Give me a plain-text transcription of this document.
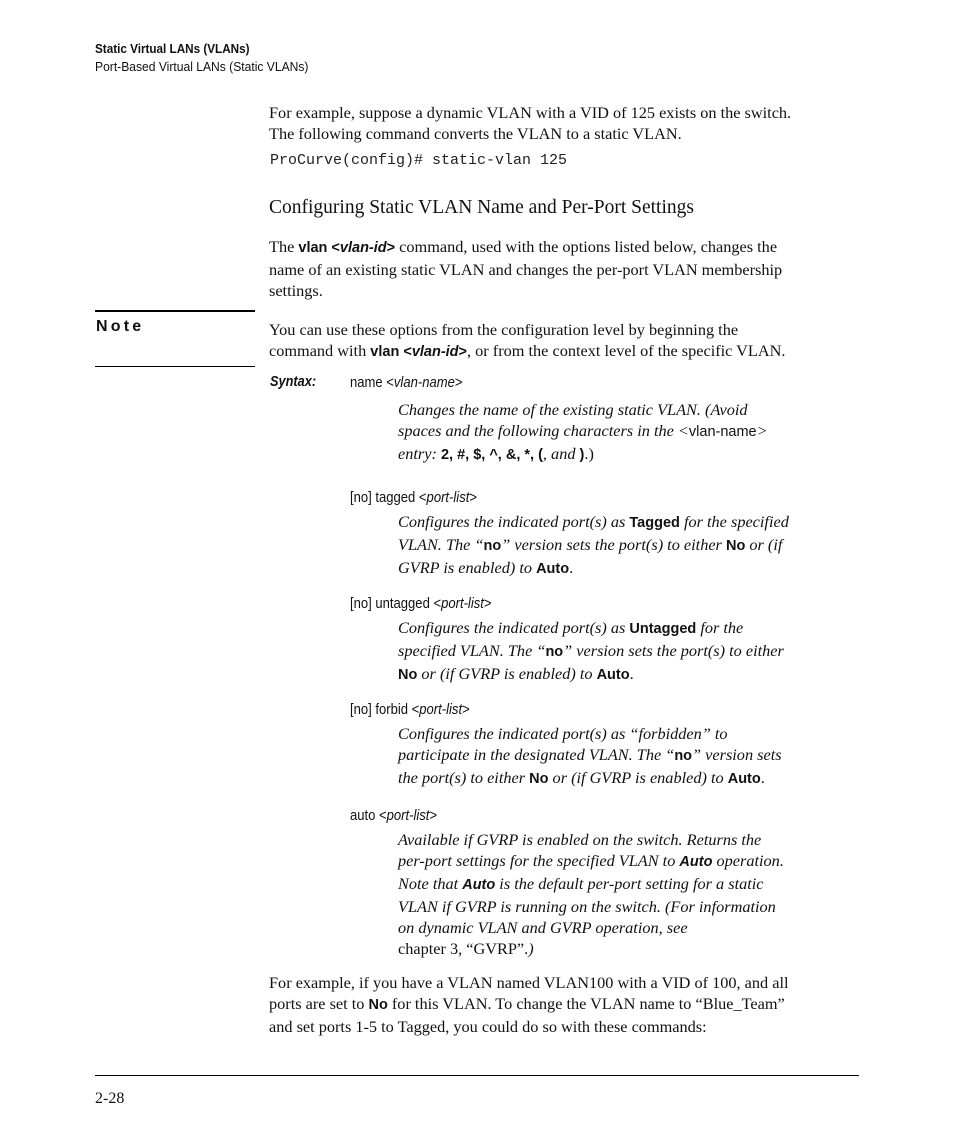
Static Virtual LANs (VLANs)
Port-Based Virtual LANs (Static VLANs)
For example, suppose a dynamic VLAN with a VID of 125 exists on the switch.
The following command converts the VLAN to a static VLAN.
ProCurve(config)# static-vlan 125
Configuring Static VLAN Name and Per-Port Settings
The vlan <vlan-id> command, used with the options listed below, changes the
name of an existing static VLAN and changes the per-port VLAN membership
settings.
Note	You can use these options from the configuration level by beginning the
command with vlan <vlan-id>, or from the context level of the specific VLAN.
Syntax: name <vlan-name>
Changes the name of the existing static VLAN. (Avoid
spaces and the following characters in the <vlan-name>
entry: 2, #, $, ^, &, *, (, and ).)
[no] tagged <port-list>
Configures the indicated port(s) as Tagged for the specified
VLAN. The “no” version sets the port(s) to either No or (if
GVRP is enabled) to Auto.
[no] untagged <port-list>
Configures the indicated port(s) as Untagged for the
specified VLAN. The “no” version sets the port(s) to either
No or (if GVRP is enabled) to Auto.
[no] forbid <port-list>
Configures the indicated port(s) as “forbidden” to
participate in the designated VLAN. The “no” version sets
the port(s) to either No or (if GVRP is enabled) to Auto.
auto <port-list>
Available if GVRP is enabled on the switch. Returns the
per-port settings for the specified VLAN to Auto operation.
Note that Auto is the default per-port setting for a static
VLAN if GVRP is running on the switch. (For information
on dynamic VLAN and GVRP operation, see
chapter 3, “GVRP”.)
For example, if you have a VLAN named VLAN100 with a VID of 100, and all
ports are set to No for this VLAN. To change the VLAN name to “Blue_Team”
and set ports 1-5 to Tagged, you could do so with these commands:
2-28
